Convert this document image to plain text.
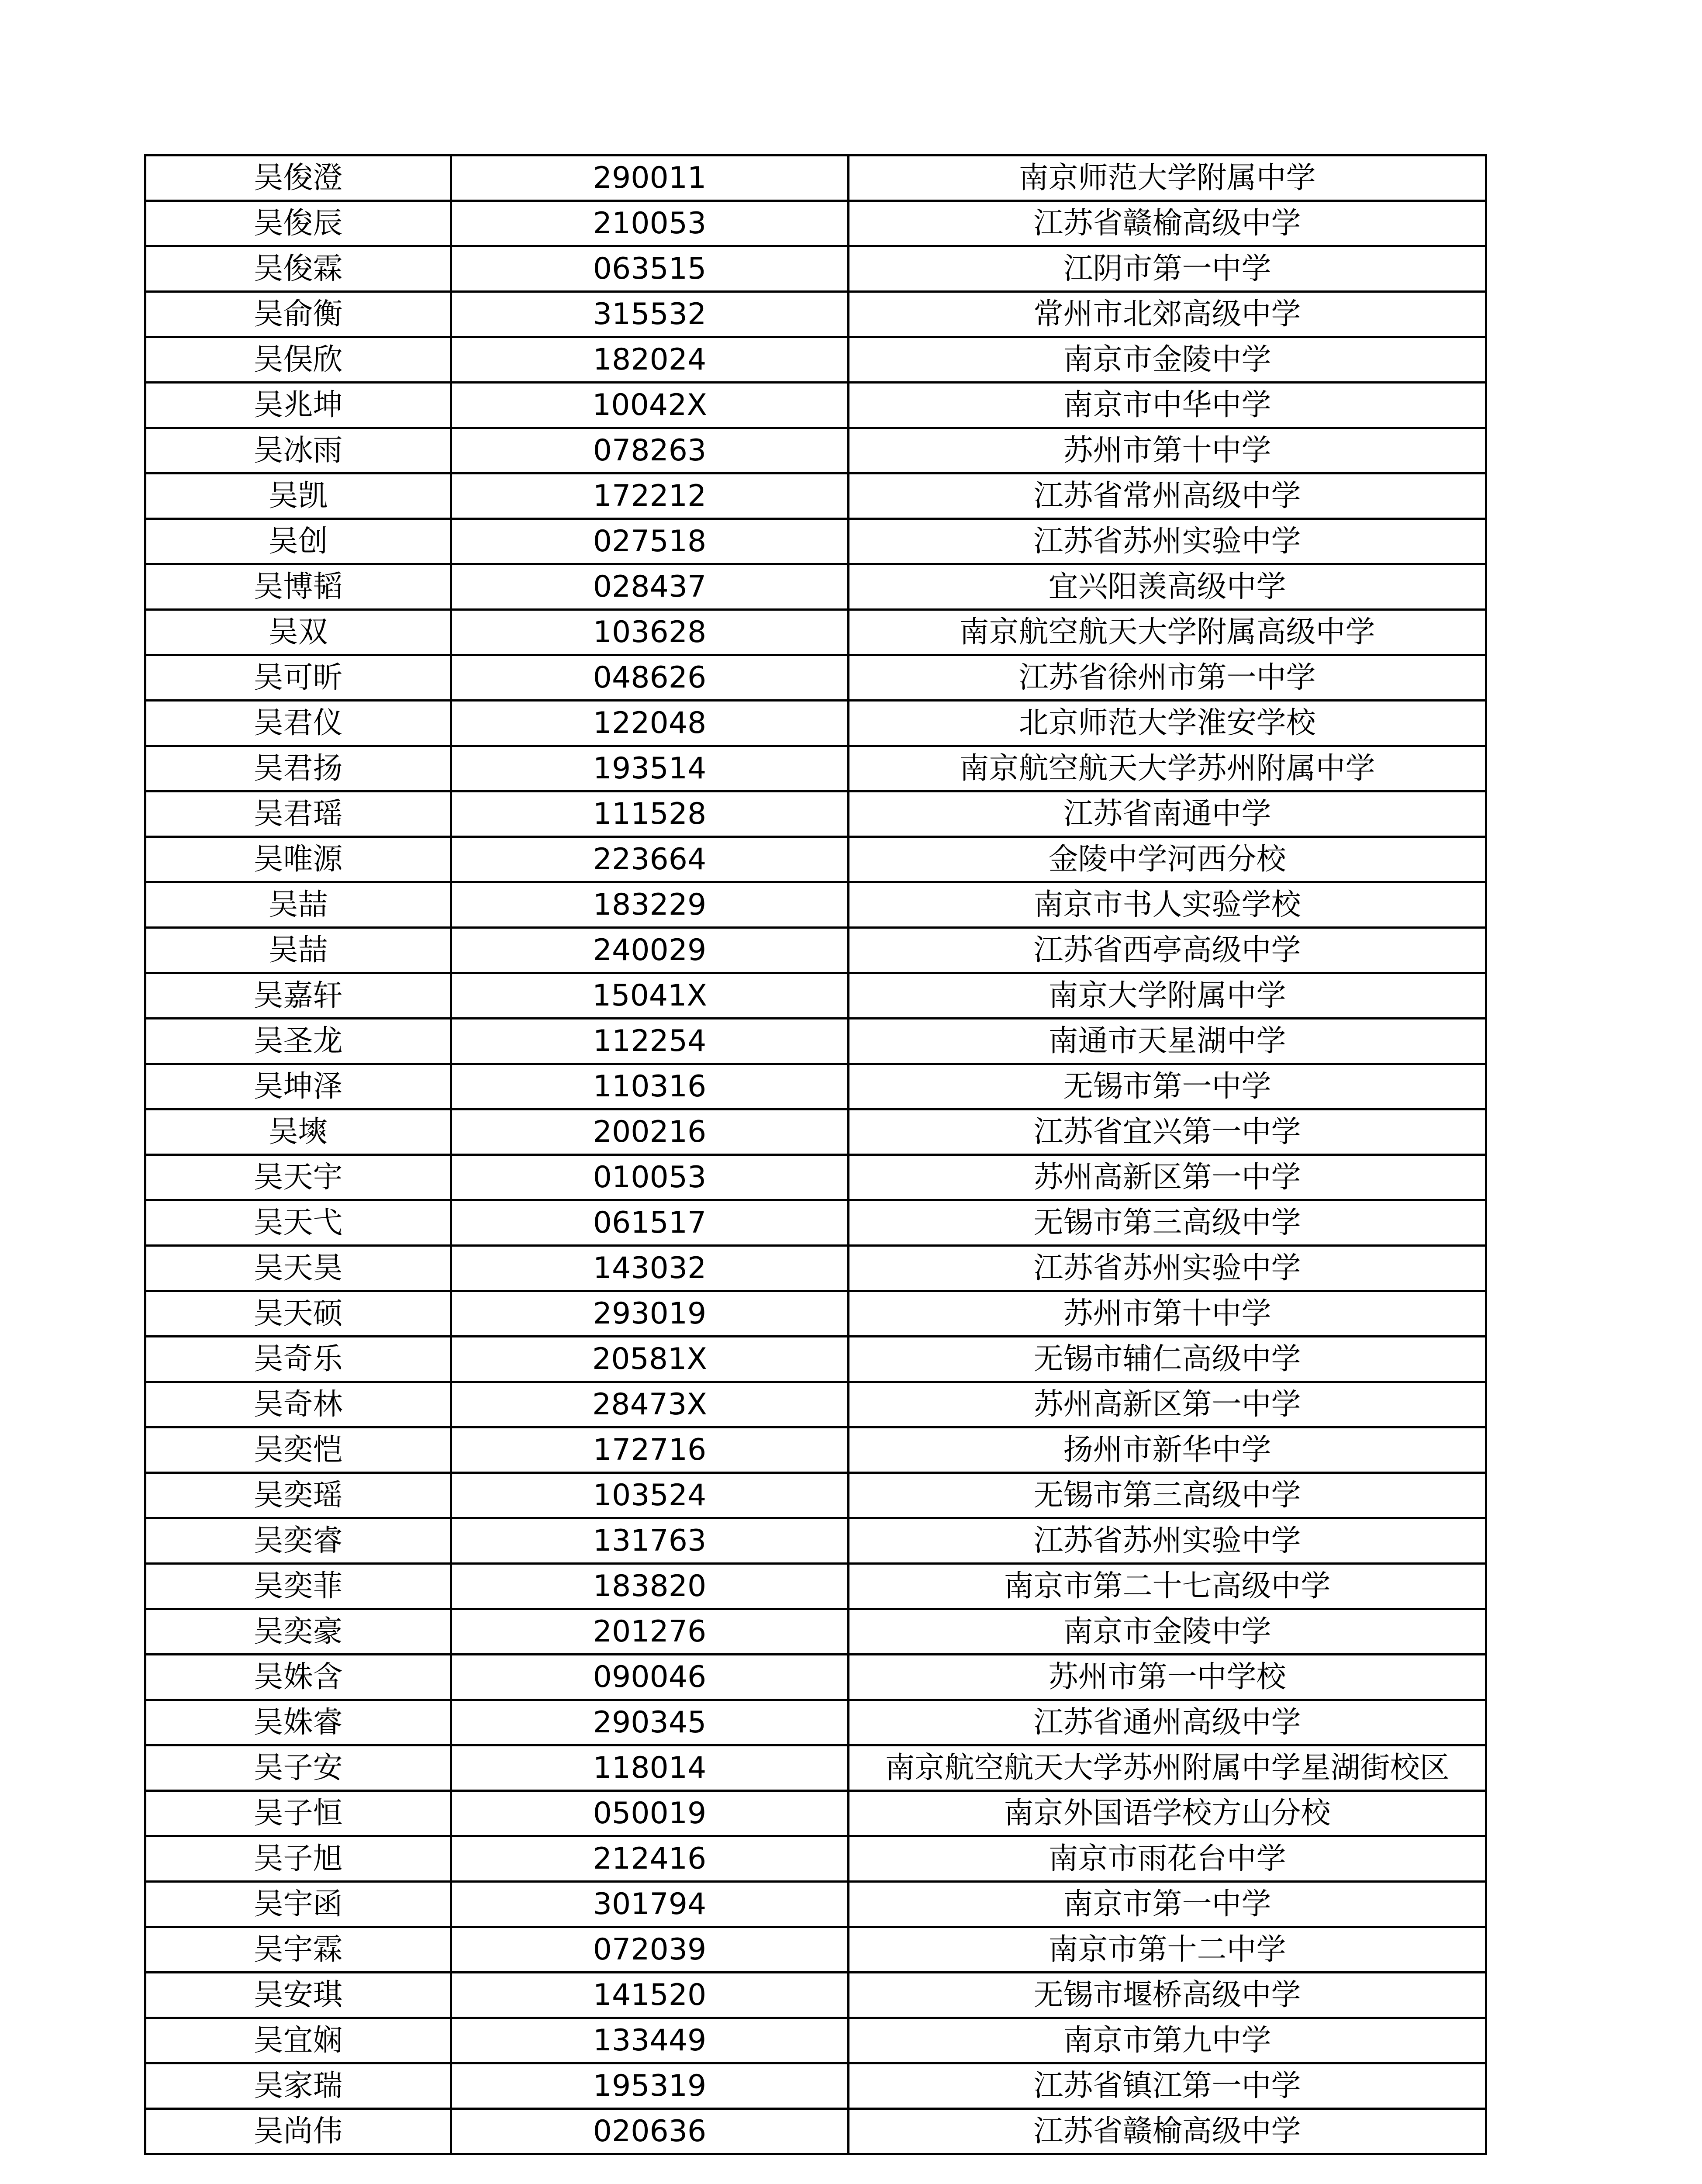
吴俊澄	290011	南京师范大学附属中学
吴俊辰	210053	江苏省赣榆高级中学
吴俊霖	063515	江阴市第一中学
吴俞衡	315532	常州市北郊高级中学
吴俣欣	182024	南京市金陵中学
吴兆坤	10042X	南京市中华中学
吴冰雨	078263	苏州市第十中学
吴凯	172212	江苏省常州高级中学
吴创	027518	江苏省苏州实验中学
吴博韬	028437	宜兴阳羡高级中学
吴双	103628	南京航空航天大学附属高级中学
吴可昕	048626	江苏省徐州市第一中学
吴君仪	122048	北京师范大学淮安学校
吴君扬	193514	南京航空航天大学苏州附属中学
吴君瑶	111528	江苏省南通中学
吴唯源	223664	金陵中学河西分校
吴喆	183229	南京市书人实验学校
吴喆	240029	江苏省西亭高级中学
吴嘉轩	15041X	南京大学附属中学
吴圣龙	112254	南通市天星湖中学
吴坤泽	110316	无锡市第一中学
吴塽	200216	江苏省宜兴第一中学
吴天宇	010053	苏州高新区第一中学
吴天弋	061517	无锡市第三高级中学
吴天昊	143032	江苏省苏州实验中学
吴天硕	293019	苏州市第十中学
吴奇乐	20581X	无锡市辅仁高级中学
吴奇林	28473X	苏州高新区第一中学
吴奕恺	172716	扬州市新华中学
吴奕瑶	103524	无锡市第三高级中学
吴奕睿	131763	江苏省苏州实验中学
吴奕菲	183820	南京市第二十七高级中学
吴奕豪	201276	南京市金陵中学
吴姝含	090046	苏州市第一中学校
吴姝睿	290345	江苏省通州高级中学
吴子安	118014	南京航空航天大学苏州附属中学星湖街校区
吴子恒	050019	南京外国语学校方山分校
吴子旭	212416	南京市雨花台中学
吴宇函	301794	南京市第一中学
吴宇霖	072039	南京市第十二中学
吴安琪	141520	无锡市堰桥高级中学
吴宜娴	133449	南京市第九中学
吴家瑞	195319	江苏省镇江第一中学
吴尚伟	020636	江苏省赣榆高级中学
